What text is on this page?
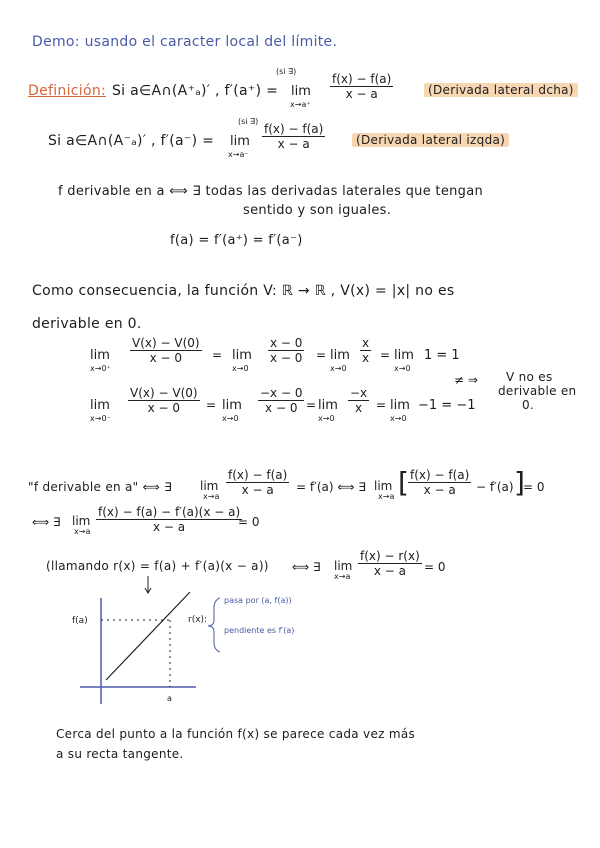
Demo: usando el caracter local del límite.
Definición: Si a∈A∩(A⁺ₐ)′ , f′(a⁺) =
(si ∃)
lim
x→a⁺
$\frac{f(x) - f(a)}{x - a}$	(Derivada lateral dcha)
Si a∈A∩(A⁻ₐ)′ , f′(a⁻) =
(si ∃)
lim
x→a⁻
$\frac{f(x) - f(a)}{x - a}$	(Derivada lateral izqda)
f derivable en a ⟺ ∃ todas las derivadas laterales que tengan
sentido y son iguales.
f(a) = f′(a⁺) = f′(a⁻)
Como consecuencia, la función V: ℝ → ℝ , V(x) = |x| no es
derivable en 0.
lim
x→0⁺
$\frac{V(x) - V(0)}{x - 0} = \lim$
x→0
$\frac{x - 0}{x - 0} = \lim$
x→0
$\frac{x}{x} = \lim$
x→0
1 = 1
≠ ⇒ V no es
derivable en
0.
lim
x→0⁻
$\frac{V(x) - V(0)}{x - 0} = \lim$
x→0
$\frac{-x - 0}{x - 0} = \lim$
x→0
$\frac{-x}{x} = \lim$
x→0
−1 = −1
"f derivable en a" ⟺ ∃ lim
$x\to a \frac{f(x) - f(a)}{x - a} = f'(a)$ ⟺ ∃ lim
x→a [ $\frac{f(x) - f(a)}{x - a} - f'(a)$ ]
= 0
⟺ ∃ lim
$x\to a \frac{f(x) - f(a) - f'(a)(x - a)}{x - a}$
= 0
(llamando r(x) = f(a) + f′(a)(x − a)) ⟺ ∃ lim
$x\to a \frac{f(x) - r(x)}{x - a} = 0$
f(a)
a
r(x):
pasa por (a, f(a))
pendiente es f′(a)
Cerca del punto a la función f(x) se parece cada vez más
a su recta tangente.
